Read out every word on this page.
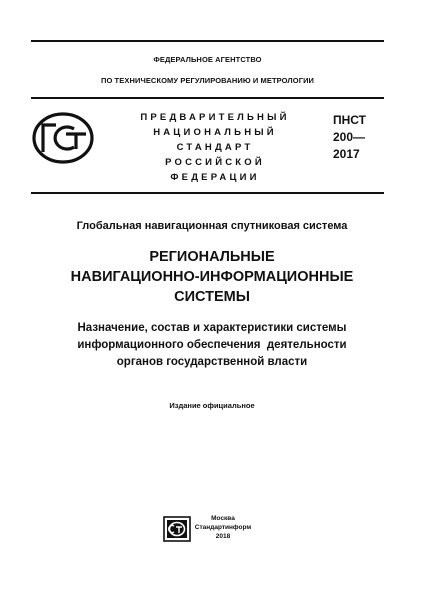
ФЕДЕРАЛЬНОЕ АГЕНТСТВО
ПО ТЕХНИЧЕСКОМУ РЕГУЛИРОВАНИЮ И МЕТРОЛОГИИ
ПРЕДВАРИТЕЛЬНЫЙ
НАЦИОНАЛЬНЫЙ
СТАНДАРТ
РОССИЙСКОЙ
ФЕДЕРАЦИИ
ПНСТ
200—
2017
Глобальная навигационная спутниковая система
РЕГИОНАЛЬНЫЕ
НАВИГАЦИОННО-ИНФОРМАЦИОННЫЕ
СИСТЕМЫ
Назначение, состав и характеристики системы
информационного обеспечения  деятельности
органов государственной власти
Издание официальное
Москва
Стандартинформ
2018
